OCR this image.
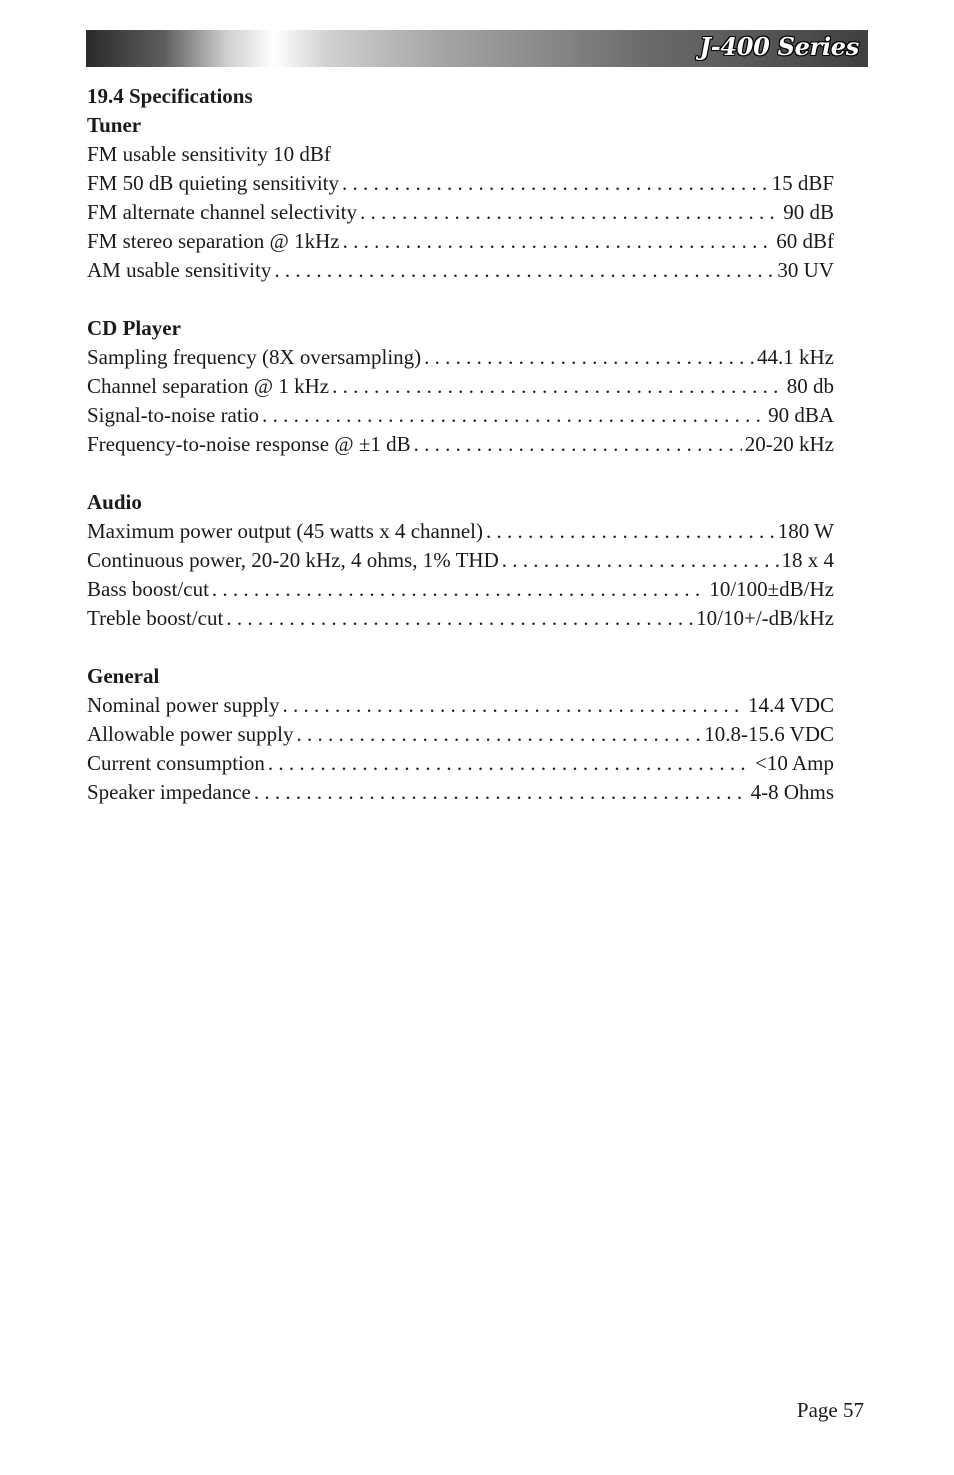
J-400 Series
19.4 Specifications
Tuner
FM usable sensitivity 10 dBf
FM 50 dB quieting sensitivity . . .	15 dBF
FM alternate channel selectivity . . .	90 dB
FM stereo separation @ 1kHz . . .	60 dBf
AM usable sensitivity . . .	30 UV
CD Player
Sampling frequency (8X oversampling) . . .	44.1 kHz
Channel separation @ 1 kHz . . .	80 db
Signal-to-noise ratio . . .	90 dBA
Frequency-to-noise response @ ±1 dB . . .	20-20 kHz
Audio
Maximum power output (45 watts x 4 channel) . . .	180 W
Continuous power, 20-20 kHz, 4 ohms, 1% THD . . .	18 x 4
Bass boost/cut . . .	10/100±dB/Hz
Treble boost/cut . . .	10/10+/-dB/kHz
General
Nominal power supply . . .	14.4 VDC
Allowable power supply . . .	10.8-15.6 VDC
Current consumption . . .	<10 Amp
Speaker impedance . . .	4-8 Ohms
Page 57
